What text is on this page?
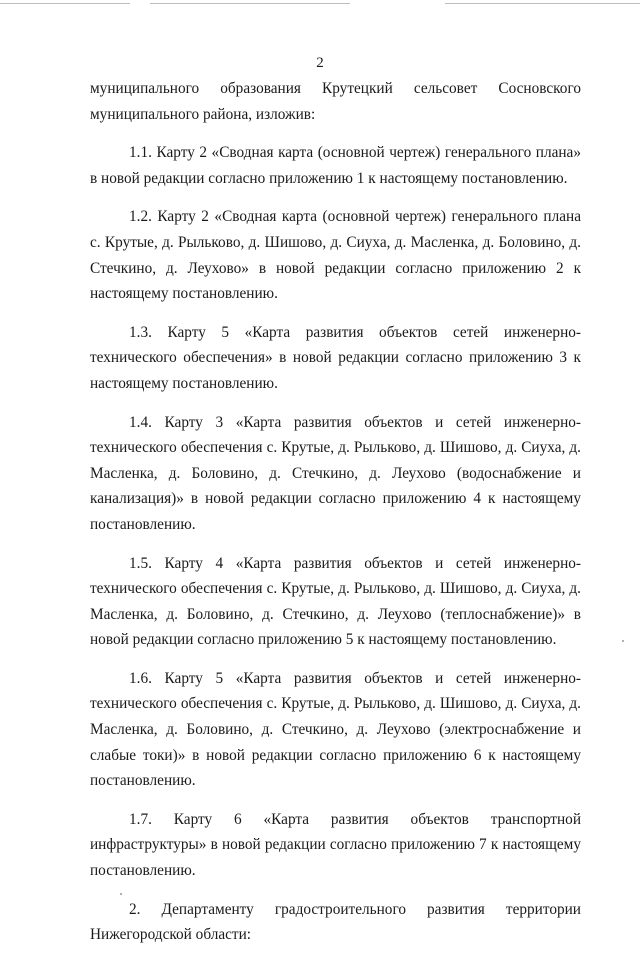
2

муниципального образования Крутецкий сельсовет Сосновского муниципального района, изложив:

1.1. Карту 2 «Сводная карта (основной чертеж) генерального плана» в новой редакции согласно приложению 1 к настоящему постановлению.

1.2. Карту 2 «Сводная карта (основной чертеж) генерального плана с. Крутые, д. Рыльково, д. Шишово, д. Сиуха, д. Масленка, д. Боловино, д. Стечкино, д. Леухово» в новой редакции согласно приложению 2 к настоящему постановлению.

1.3. Карту 5 «Карта развития объектов сетей инженерно-технического обеспечения» в новой редакции согласно приложению 3 к настоящему постановлению.

1.4. Карту 3 «Карта развития объектов и сетей инженерно-технического обеспечения с. Крутые, д. Рыльково, д. Шишово, д. Сиуха, д. Масленка, д. Боловино, д. Стечкино, д. Леухово (водоснабжение и канализация)» в новой редакции согласно приложению 4 к настоящему постановлению.

1.5. Карту 4 «Карта развития объектов и сетей инженерно-технического обеспечения с. Крутые, д. Рыльково, д. Шишово, д. Сиуха, д. Масленка, д. Боловино, д. Стечкино, д. Леухово (теплоснабжение)» в новой редакции согласно приложению 5 к настоящему постановлению.

1.6. Карту 5 «Карта развития объектов и сетей инженерно-технического обеспечения с. Крутые, д. Рыльково, д. Шишово, д. Сиуха, д. Масленка, д. Боловино, д. Стечкино, д. Леухово (электроснабжение и слабые токи)» в новой редакции согласно приложению 6 к настоящему постановлению.

1.7. Карту 6 «Карта развития объектов транспортной инфраструктуры» в новой редакции согласно приложению 7 к настоящему постановлению.

2. Департаменту градостроительного развития территории Нижегородской области:
